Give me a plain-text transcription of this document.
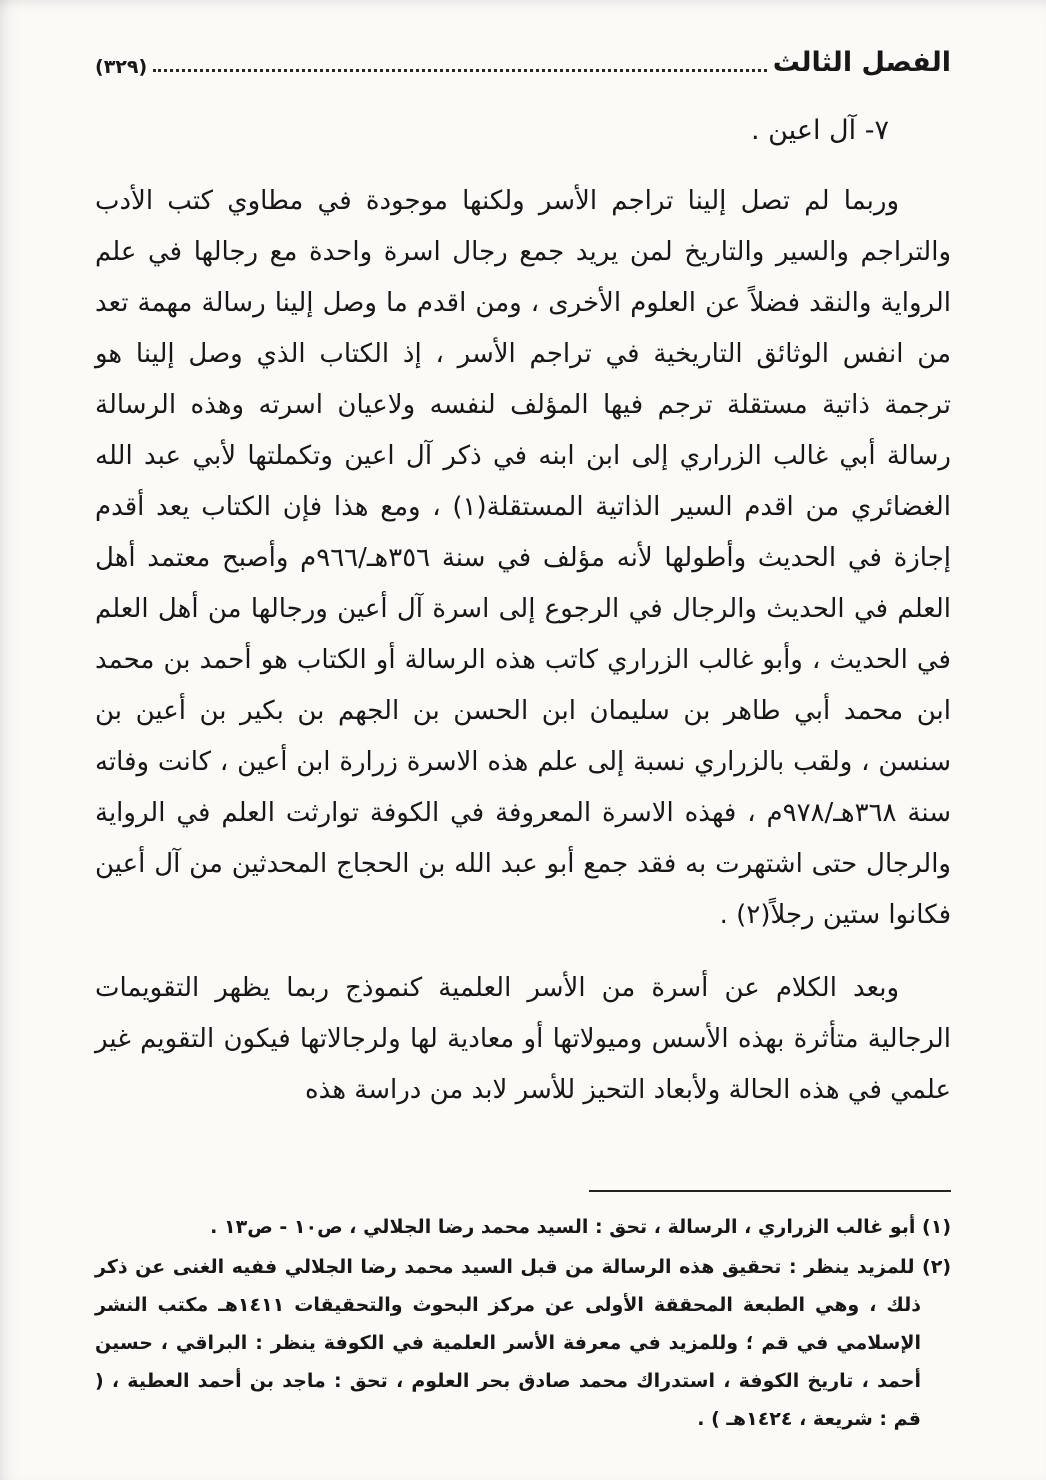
الفصل الثالث
(٣٢٩)
٧- آل اعين .

وربما لم تصل إلينا تراجم الأسر ولكنها موجودة في مطاوي كتب الأدب والتراجم والسير والتاريخ لمن يريد جمع رجال اسرة واحدة مع رجالها في علم الرواية والنقد فضلاً عن العلوم الأخرى ، ومن اقدم ما وصل إلينا رسالة مهمة تعد من انفس الوثائق التاريخية في تراجم الأسر ، إذ الكتاب الذي وصل إلينا هو ترجمة ذاتية مستقلة ترجم فيها المؤلف لنفسه ولاعيان اسرته وهذه الرسالة رسالة أبي غالب الزراري إلى ابن ابنه في ذكر آل اعين وتكملتها لأبي عبد الله الغضائري من اقدم السير الذاتية المستقلة(١) ، ومع هذا فإن الكتاب يعد أقدم إجازة في الحديث وأطولها لأنه مؤلف في سنة ٣٥٦هـ/٩٦٦م وأصبح معتمد أهل العلم في الحديث والرجال في الرجوع إلى اسرة آل أعين ورجالها من أهل العلم في الحديث ، وأبو غالب الزراري كاتب هذه الرسالة أو الكتاب هو أحمد بن محمد ابن محمد أبي طاهر بن سليمان ابن الحسن بن الجهم بن بكير بن أعين بن سنسن ، ولقب بالزراري نسبة إلى علم هذه الاسرة زرارة ابن أعين ، كانت وفاته سنة ٣٦٨هـ/٩٧٨م ، فهذه الاسرة المعروفة في الكوفة توارثت العلم في الرواية والرجال حتى اشتهرت به فقد جمع أبو عبد الله بن الحجاج المحدثين من آل أعين فكانوا ستين رجلاً(٢) .

وبعد الكلام عن أسرة من الأسر العلمية كنموذج ربما يظهر التقويمات الرجالية متأثرة بهذه الأسس وميولاتها أو معادية لها ولرجالاتها فيكون التقويم غير علمي في هذه الحالة ولأبعاد التحيز للأسر لابد من دراسة هذه

(١) أبو غالب الزراري ، الرسالة ، تحق : السيد محمد رضا الجلالي ، ص١٠ - ص١٣ .

(٢) للمزيد ينظر : تحقيق هذه الرسالة من قبل السيد محمد رضا الجلالي ففيه الغنى عن ذكر ذلك ، وهي الطبعة المحققة الأولى عن مركز البحوث والتحقيقات ١٤١١هـ مكتب النشر الإسلامي في قم ؛ وللمزيد في معرفة الأسر العلمية في الكوفة ينظر : البراقي ، حسين أحمد ، تاريخ الكوفة ، استدراك محمد صادق بحر العلوم ، تحق : ماجد بن أحمد العطية ، ( قم : شريعة ، ١٤٢٤هـ ) .
